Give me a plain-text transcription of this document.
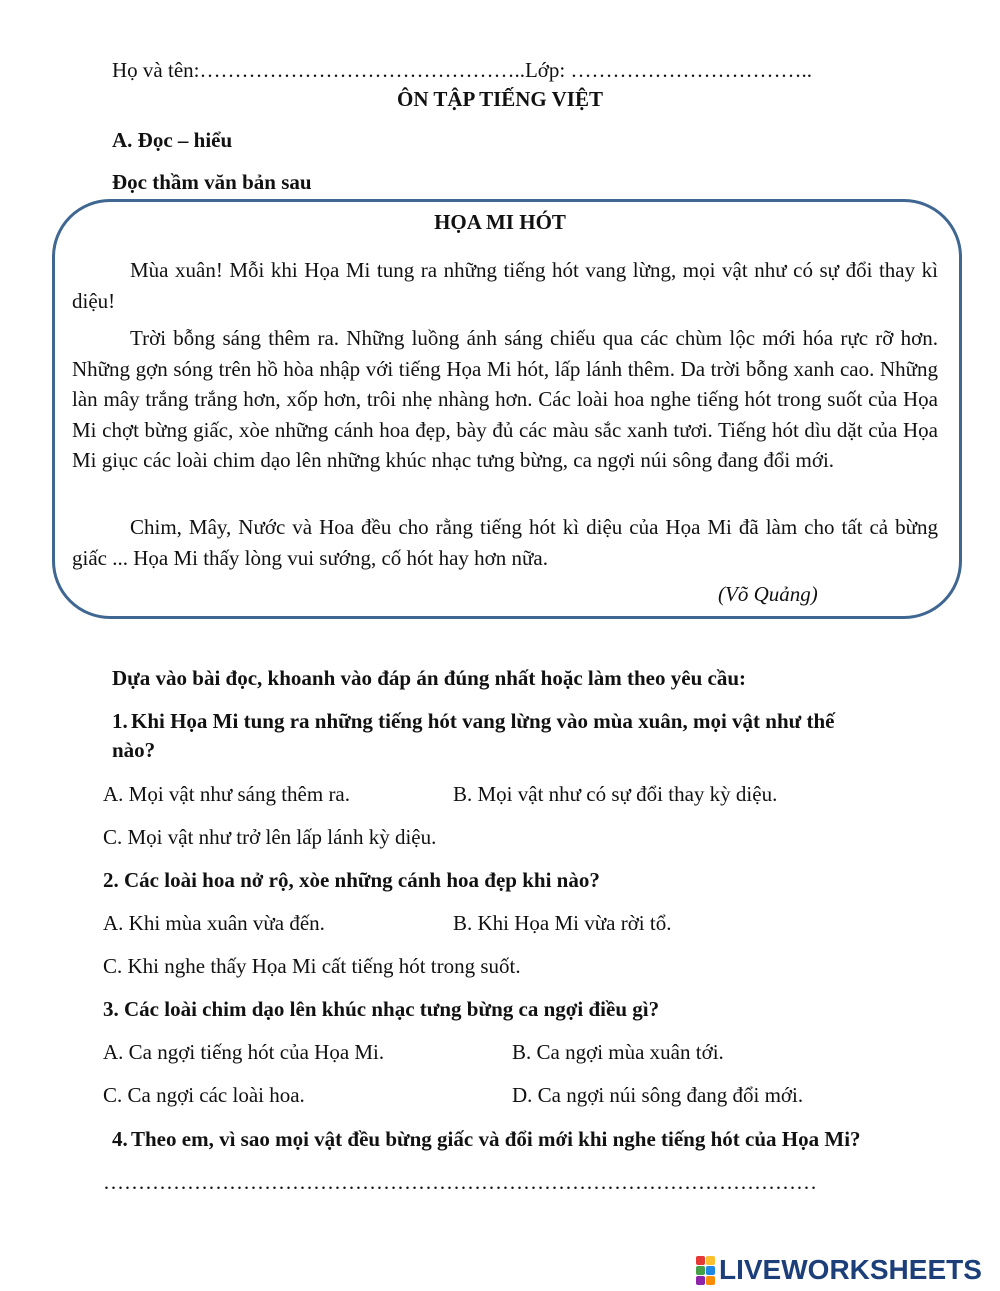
Họ và tên:………………………………………..Lớp: ……………………………..
ÔN TẬP TIẾNG VIỆT
A. Đọc – hiểu
Đọc thầm văn bản sau
HỌA MI HÓT
Mùa xuân! Mỗi khi Họa Mi tung ra những tiếng hót vang lừng, mọi vật như có sự đổi thay kì diệu!
Trời bỗng sáng thêm ra. Những luồng ánh sáng chiếu qua các chùm lộc mới hóa rực rỡ hơn. Những gợn sóng trên hồ hòa nhập với tiếng Họa Mi hót, lấp lánh thêm. Da trời bỗng xanh cao. Những làn mây trắng trắng hơn, xốp hơn, trôi nhẹ nhàng hơn. Các loài hoa nghe tiếng hót trong suốt của Họa Mi chợt bừng giấc, xòe những cánh hoa đẹp, bày đủ các màu sắc xanh tươi. Tiếng hót dìu dặt của Họa Mi giục các loài chim dạo lên những khúc nhạc tưng bừng, ca ngợi núi sông đang đổi mới.
Chim, Mây, Nước và Hoa đều cho rằng tiếng hót kì diệu của Họa Mi đã làm cho tất cả bừng giấc ... Họa Mi thấy lòng vui sướng, cố hót hay hơn nữa.
(Võ Quảng)
Dựa vào bài đọc, khoanh vào đáp án đúng nhất hoặc làm theo yêu cầu:
1. Khi Họa Mi tung ra những tiếng hót vang lừng vào mùa xuân, mọi vật như thế
nào?
A. Mọi vật như sáng thêm ra.	B. Mọi vật như có sự đổi thay kỳ diệu.
C. Mọi vật như trở lên lấp lánh kỳ diệu.
2. Các loài hoa nở rộ, xòe những cánh hoa đẹp khi nào?
A. Khi mùa xuân vừa đến.	B. Khi Họa Mi vừa rời tổ.
C. Khi nghe thấy Họa Mi cất tiếng hót trong suốt.
3. Các loài chim dạo lên khúc nhạc tưng bừng ca ngợi điều gì?
A. Ca ngợi tiếng hót của Họa Mi.	B. Ca ngợi mùa xuân tới.
C. Ca ngợi các loài hoa.	D. Ca ngợi núi sông đang đổi mới.
4. Theo em, vì sao mọi vật đều bừng giấc và đổi mới khi nghe tiếng hót của Họa Mi?
…………………………………………………………………………………………
LIVEWORKSHEETS
